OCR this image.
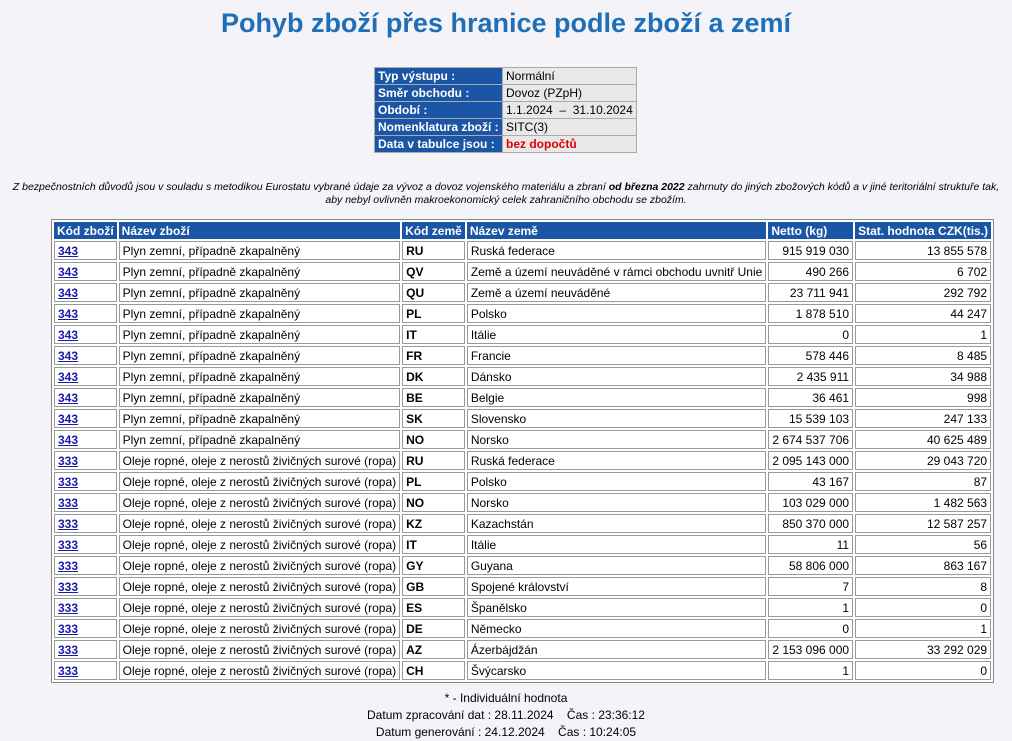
Pohyb zboží přes hranice podle zboží a zemí
Typ výstupu :	Normální
Směr obchodu :	Dovoz (PZpH)
Období :	1.1.2024  –  31.10.2024
Nomenklatura zboží :	SITC(3)
Data v tabulce jsou :	bez dopočtů
Z bezpečnostních důvodů jsou v souladu s metodikou Eurostatu vybrané údaje za vývoz a dovoz vojenského materiálu a zbraní od března 2022 zahrnuty do jiných zbožových kódů a v jiné teritoriální struktuře tak,
aby nebyl ovlivněn makroekonomický celek zahraničního obchodu se zbožím.
Kód zboží	Název zboží	Kód země	Název země	Netto (kg)	Stat. hodnota CZK(tis.)
343	Plyn zemní, případně zkapalněný	RU	Ruská federace	915 919 030	13 855 578
343	Plyn zemní, případně zkapalněný	QV	Země a území neuváděné v rámci obchodu uvnitř Unie	490 266	6 702
343	Plyn zemní, případně zkapalněný	QU	Země a území neuváděné	23 711 941	292 792
343	Plyn zemní, případně zkapalněný	PL	Polsko	1 878 510	44 247
343	Plyn zemní, případně zkapalněný	IT	Itálie	0	1
343	Plyn zemní, případně zkapalněný	FR	Francie	578 446	8 485
343	Plyn zemní, případně zkapalněný	DK	Dánsko	2 435 911	34 988
343	Plyn zemní, případně zkapalněný	BE	Belgie	36 461	998
343	Plyn zemní, případně zkapalněný	SK	Slovensko	15 539 103	247 133
343	Plyn zemní, případně zkapalněný	NO	Norsko	2 674 537 706	40 625 489
333	Oleje ropné, oleje z nerostů živičných surové (ropa)	RU	Ruská federace	2 095 143 000	29 043 720
333	Oleje ropné, oleje z nerostů živičných surové (ropa)	PL	Polsko	43 167	87
333	Oleje ropné, oleje z nerostů živičných surové (ropa)	NO	Norsko	103 029 000	1 482 563
333	Oleje ropné, oleje z nerostů živičných surové (ropa)	KZ	Kazachstán	850 370 000	12 587 257
333	Oleje ropné, oleje z nerostů živičných surové (ropa)	IT	Itálie	11	56
333	Oleje ropné, oleje z nerostů živičných surové (ropa)	GY	Guyana	58 806 000	863 167
333	Oleje ropné, oleje z nerostů živičných surové (ropa)	GB	Spojené království	7	8
333	Oleje ropné, oleje z nerostů živičných surové (ropa)	ES	Španělsko	1	0
333	Oleje ropné, oleje z nerostů živičných surové (ropa)	DE	Německo	0	1
333	Oleje ropné, oleje z nerostů živičných surové (ropa)	AZ	Ázerbájdžán	2 153 096 000	33 292 029
333	Oleje ropné, oleje z nerostů živičných surové (ropa)	CH	Švýcarsko	1	0
* - Individuální hodnota
Datum zpracování dat : 28.11.2024    Čas : 23:36:12
Datum generování : 24.12.2024    Čas : 10:24:05
